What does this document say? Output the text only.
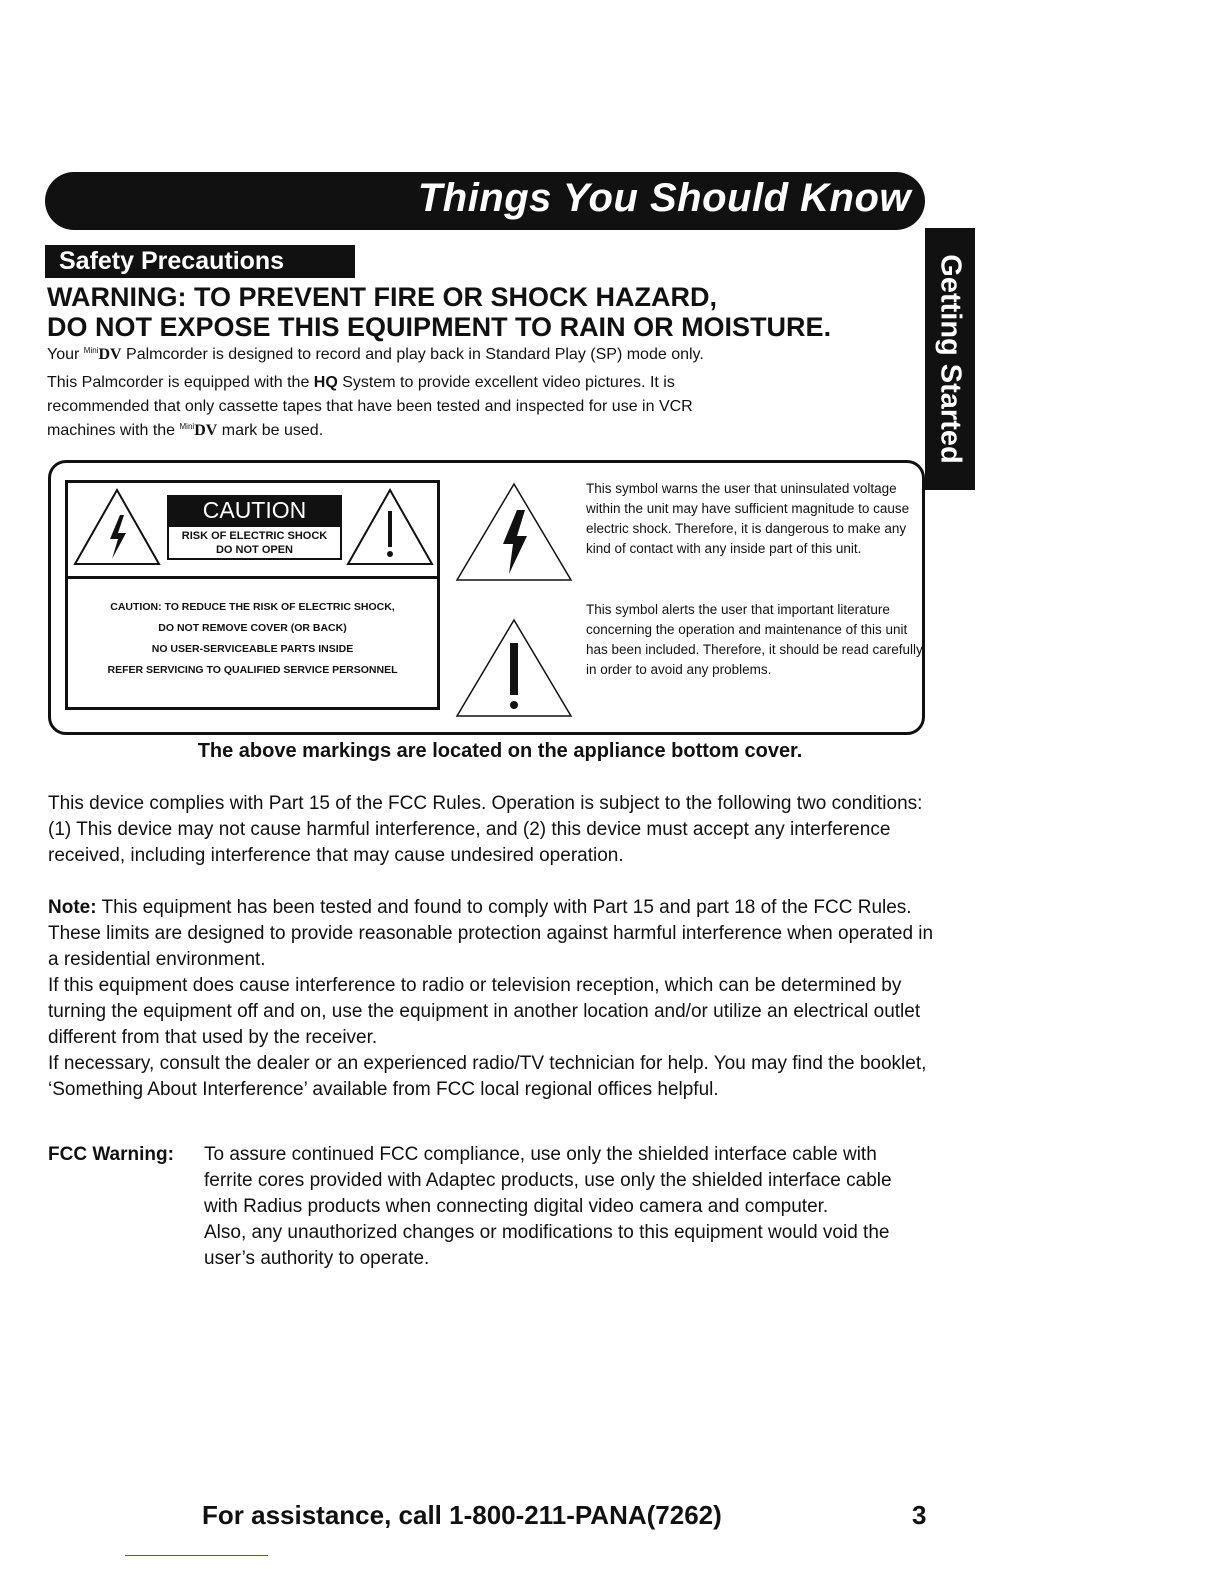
Things You Should Know
Getting Started
Safety Precautions
WARNING: TO PREVENT FIRE OR SHOCK HAZARD,
DO NOT EXPOSE THIS EQUIPMENT TO RAIN OR MOISTURE.
Your $^{Mini}$DV Palmcorder is designed to record and play back in Standard Play (SP) mode only.
This Palmcorder is equipped with the HQ System to provide excellent video pictures. It is
recommended that only cassette tapes that have been tested and inspected for use in VCR
machines with the $^{Mini}$DV mark be used.
CAUTION
RISK OF ELECTRIC SHOCK
DO NOT OPEN
CAUTION: TO REDUCE THE RISK OF ELECTRIC SHOCK,
DO NOT REMOVE COVER (OR BACK)
NO USER-SERVICEABLE PARTS INSIDE
REFER SERVICING TO QUALIFIED SERVICE PERSONNEL
This symbol warns the user that uninsulated voltage within the unit may have sufficient magnitude to cause electric shock. Therefore, it is dangerous to make any kind of contact with any inside part of this unit.
This symbol alerts the user that important literature concerning the operation and maintenance of this unit has been included. Therefore, it should be read carefully in order to avoid any problems.
The above markings are located on the appliance bottom cover.
This device complies with Part 15 of the FCC Rules. Operation is subject to the following two conditions: (1) This device may not cause harmful interference, and (2) this device must accept any interference received, including interference that may cause undesired operation.
Note: This equipment has been tested and found to comply with Part 15 and part 18 of the FCC Rules. These limits are designed to provide reasonable protection against harmful interference when operated in a residential environment.
If this equipment does cause interference to radio or television reception, which can be determined by turning the equipment off and on, use the equipment in another location and/or utilize an electrical outlet different from that used by the receiver.
If necessary, consult the dealer or an experienced radio/TV technician for help. You may find the booklet, ‘Something About Interference’ available from FCC local regional offices helpful.
FCC Warning: To assure continued FCC compliance, use only the shielded interface cable with ferrite cores provided with Adaptec products, use only the shielded interface cable with Radius products when connecting digital video camera and computer.
Also, any unauthorized changes or modifications to this equipment would void the user’s authority to operate.
For assistance, call 1-800-211-PANA(7262)	3
